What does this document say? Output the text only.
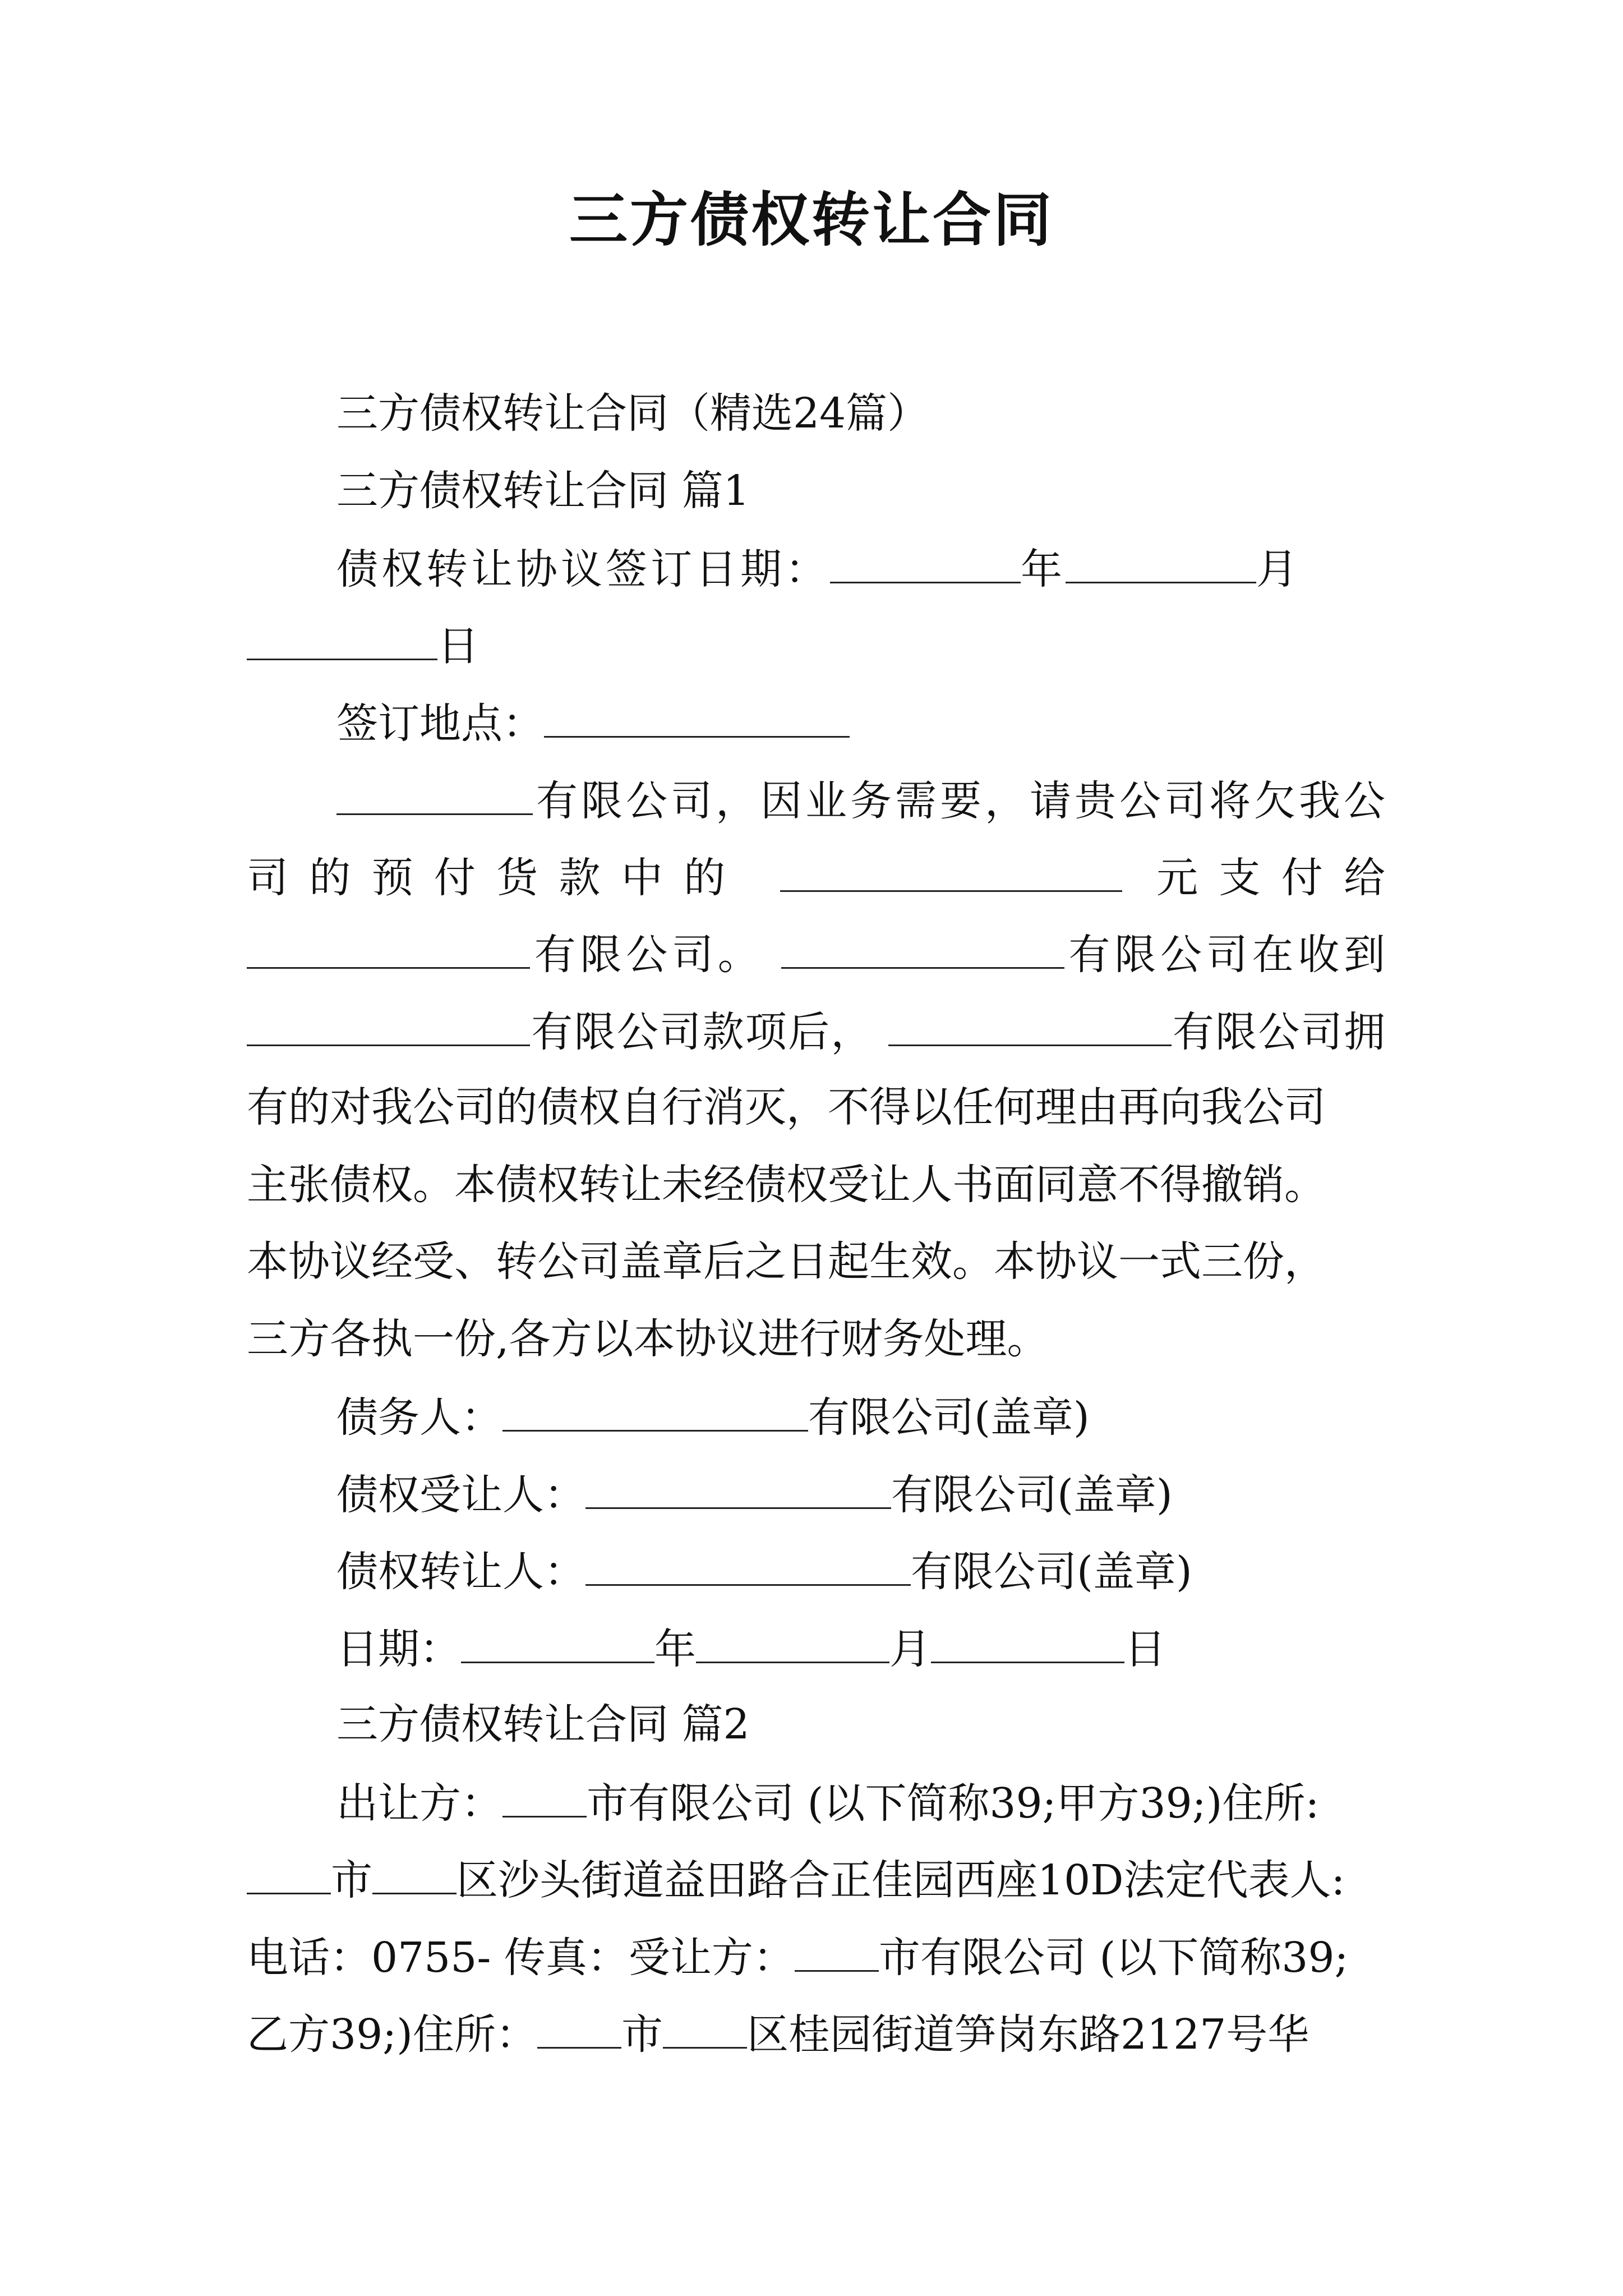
三方债权转让合同
三方债权转让合同（精选24篇）
三方债权转让合同 篇1
债权转让协议签订日期：	年	月
日
签订地点：
有限公司，因业务需要，请贵公司将欠我公
司的预付货款中的	元支付给
有限公司。	有限公司在收到
有限公司款项后，	有限公司拥
有的对我公司的债权自行消灭，不得以任何理由再向我公司
主张债权。本债权转让未经债权受让人书面同意不得撤销。
本协议经受、转公司盖章后之日起生效。本协议一式三份，
三方各执一份,各方以本协议进行财务处理。
债务人：	有限公司(盖章)
债权受让人：	有限公司(盖章)
债权转让人：	有限公司(盖章)
日期：	年	月	日
三方债权转让合同 篇2
出让方： 市有限公司 (以下简称39;甲方39;)住所:
市 区沙头街道益田路合正佳园西座10D法定代表人:
电话：0755- 传真：受让方： 市有限公司 (以下简称39;
乙方39;)住所： 市 区桂园街道笋岗东路2127号华
